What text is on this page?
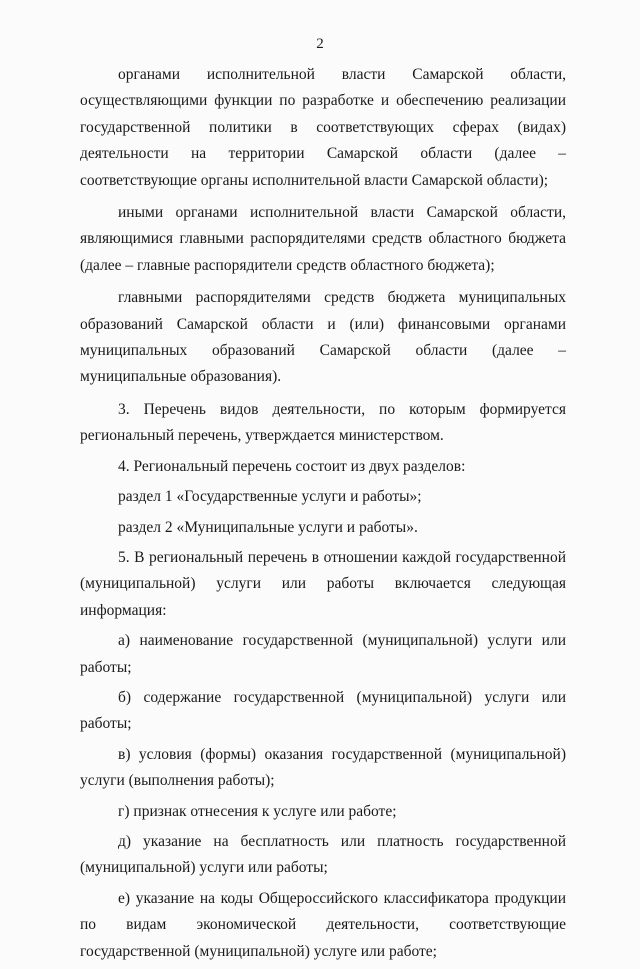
2

органами исполнительной власти Самарской области, осуществляющими функции по разработке и обеспечению реализации государственной политики в соответствующих сферах (видах) деятельности на территории Самарской области (далее – соответствующие органы исполнительной власти Самарской области);

иными органами исполнительной власти Самарской области, являющимися главными распорядителями средств областного бюджета (далее – главные распорядители средств областного бюджета);

главными распорядителями средств бюджета муниципальных образований Самарской области и (или) финансовыми органами муниципальных образований Самарской области (далее – муниципальные образования).

3. Перечень видов деятельности, по которым формируется региональный перечень, утверждается министерством.

4. Региональный перечень состоит из двух разделов:

раздел 1 «Государственные услуги и работы»;

раздел 2 «Муниципальные услуги и работы».

5. В региональный перечень в отношении каждой государственной (муниципальной) услуги или работы включается следующая информация:

а) наименование государственной (муниципальной) услуги или работы;

б) содержание государственной (муниципальной) услуги или работы;

в) условия (формы) оказания государственной (муниципальной) услуги (выполнения работы);

г) признак отнесения к услуге или работе;

д) указание на бесплатность или платность государственной (муниципальной) услуги или работы;

е) указание на коды Общероссийского классификатора продукции по видам экономической деятельности, соответствующие государственной (муниципальной) услуге или работе;
